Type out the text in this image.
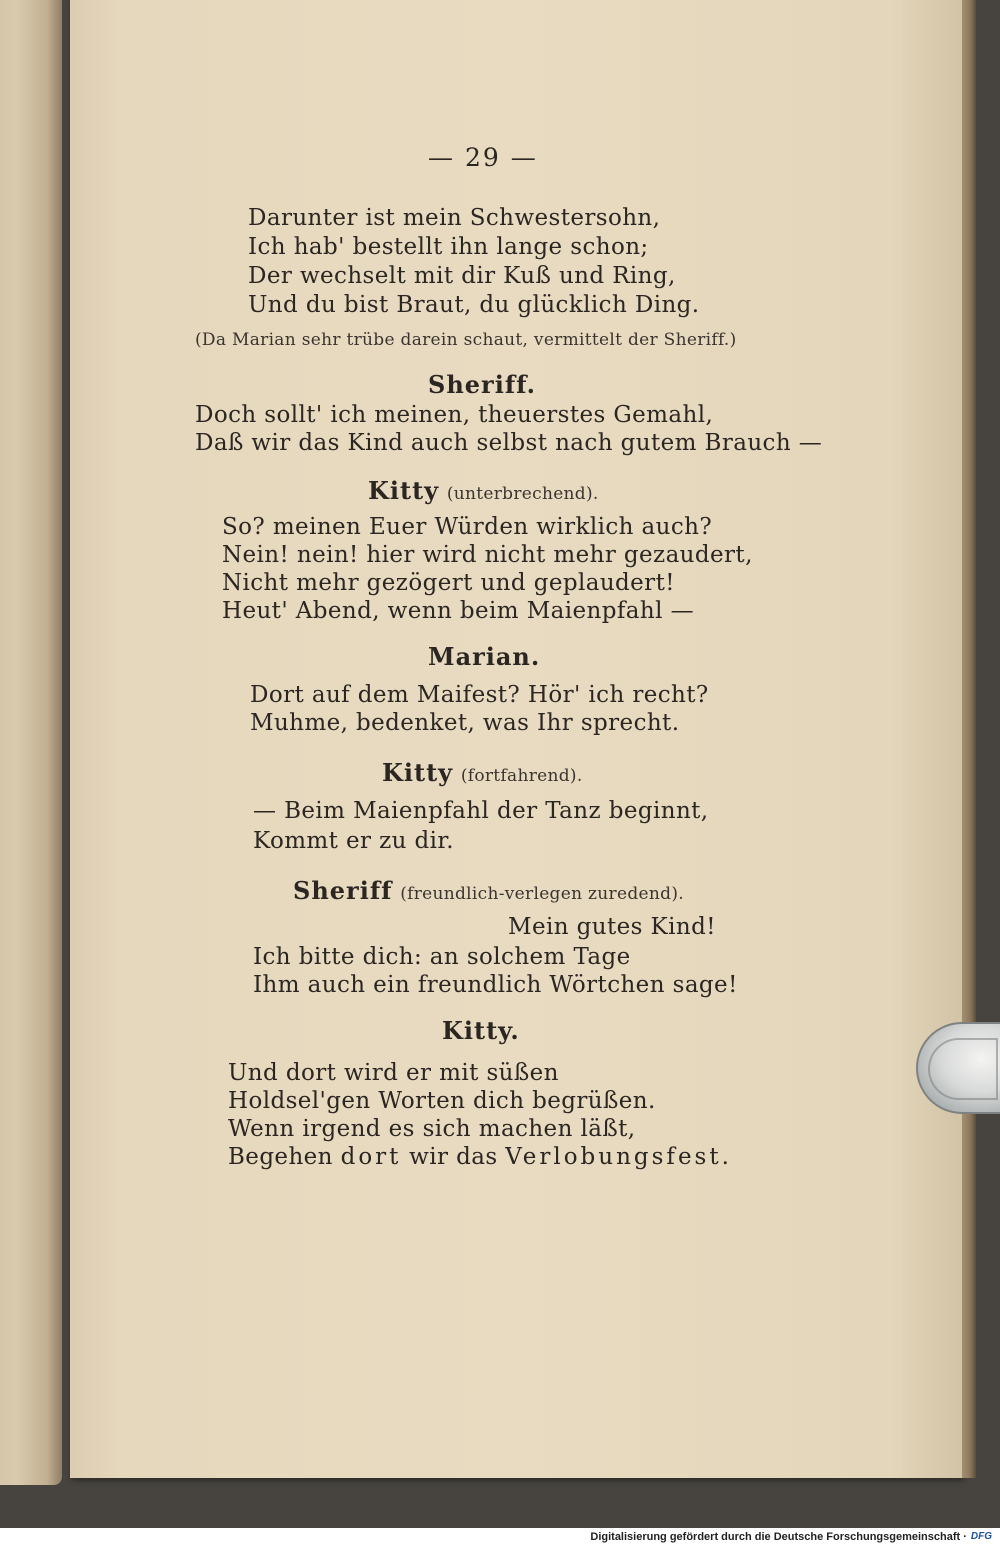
— 29 —
Darunter ist mein Schwestersohn,
Ich hab' bestellt ihn lange schon;
Der wechselt mit dir Kuß und Ring,
Und du bist Braut, du glücklich Ding.
(Da Marian sehr trübe darein schaut, vermittelt der Sheriff.)
Sheriff.
Doch sollt' ich meinen, theuerstes Gemahl,
Daß wir das Kind auch selbst nach gutem Brauch —
Kitty (unterbrechend).
So? meinen Euer Würden wirklich auch?
Nein! nein! hier wird nicht mehr gezaudert,
Nicht mehr gezögert und geplaudert!
Heut' Abend, wenn beim Maienpfahl —
Marian.
Dort auf dem Maifest? Hör' ich recht?
Muhme, bedenket, was Ihr sprecht.
Kitty (fortfahrend).
— Beim Maienpfahl der Tanz beginnt,
Kommt er zu dir.
Sheriff (freundlich-verlegen zuredend).
Mein gutes Kind!
Ich bitte dich: an solchem Tage
Ihm auch ein freundlich Wörtchen sage!
Kitty.
Und dort wird er mit süßen
Holdsel'gen Worten dich begrüßen.
Wenn irgend es sich machen läßt,
Begehen dort wir das Verlobungsfest.
Digitalisierung gefördert durch die Deutsche Forschungsgemeinschaft · DFG
